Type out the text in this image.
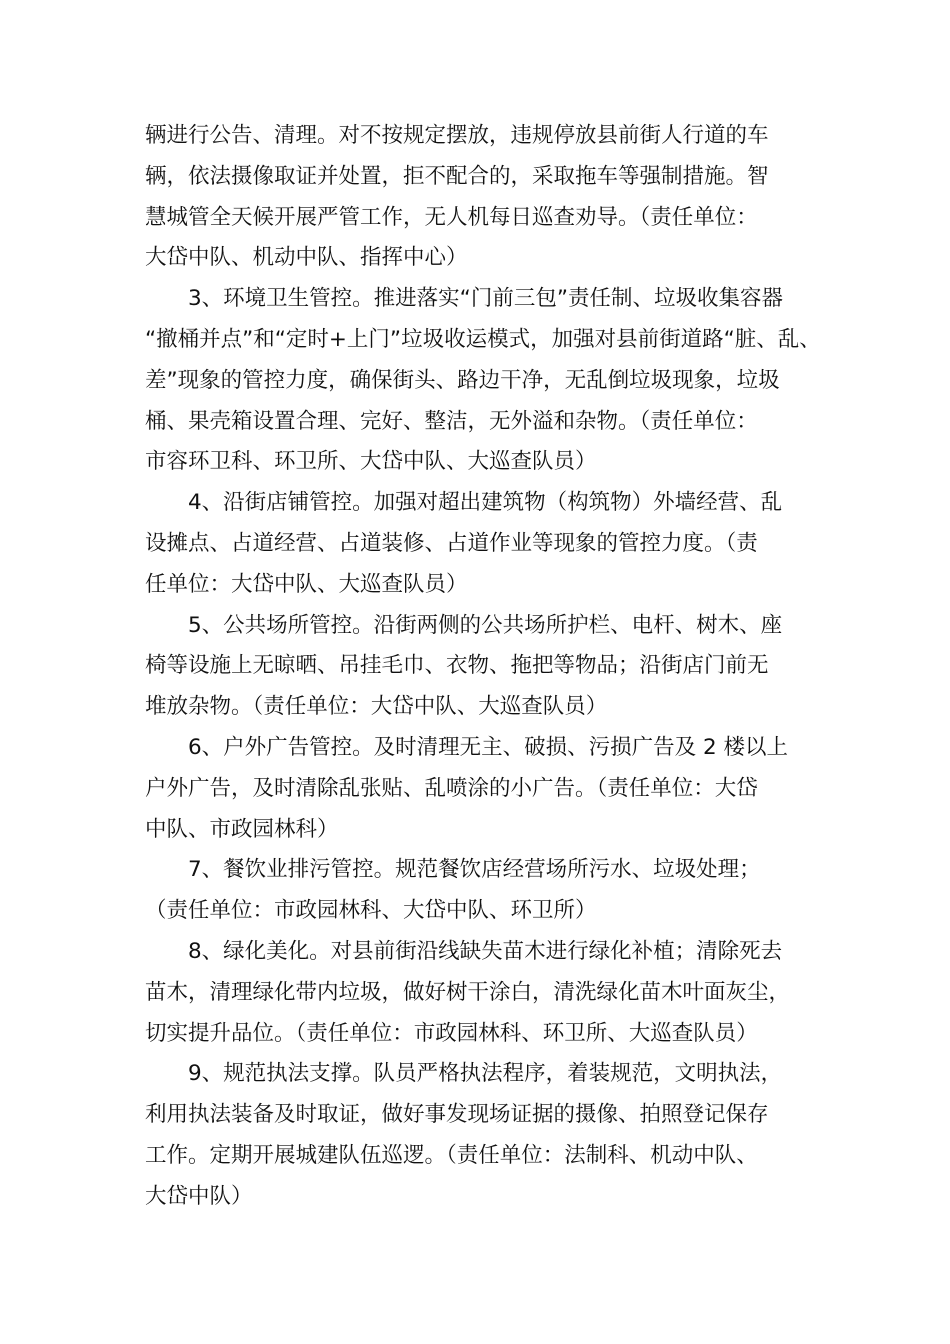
辆进行公告、清理。对不按规定摆放，违规停放县前街人行道的车
辆，依法摄像取证并处置，拒不配合的，采取拖车等强制措施。智
慧城管全天候开展严管工作，无人机每日巡查劝导。（责任单位：
大岱中队、机动中队、指挥中心）
　　3、环境卫生管控。推进落实“门前三包”责任制、垃圾收集容器
“撤桶并点”和“定时+上门”垃圾收运模式，加强对县前街道路“脏、乱、
差”现象的管控力度，确保街头、路边干净，无乱倒垃圾现象，垃圾
桶、果壳箱设置合理、完好、整洁，无外溢和杂物。（责任单位：
市容环卫科、环卫所、大岱中队、大巡查队员）
　　4、沿街店铺管控。加强对超出建筑物（构筑物）外墙经营、乱
设摊点、占道经营、占道装修、占道作业等现象的管控力度。（责
任单位：大岱中队、大巡查队员）
　　5、公共场所管控。沿街两侧的公共场所护栏、电杆、树木、座
椅等设施上无晾晒、吊挂毛巾、衣物、拖把等物品；沿街店门前无
堆放杂物。（责任单位：大岱中队、大巡查队员）
　　6、户外广告管控。及时清理无主、破损、污损广告及 2 楼以上
户外广告，及时清除乱张贴、乱喷涂的小广告。（责任单位：大岱
中队、市政园林科）
　　7、餐饮业排污管控。规范餐饮店经营场所污水、垃圾处理；
（责任单位：市政园林科、大岱中队、环卫所）
　　8、绿化美化。对县前街沿线缺失苗木进行绿化补植；清除死去
苗木，清理绿化带内垃圾，做好树干涂白，清洗绿化苗木叶面灰尘，
切实提升品位。（责任单位：市政园林科、环卫所、大巡查队员）
　　9、规范执法支撑。队员严格执法程序，着装规范，文明执法，
利用执法装备及时取证，做好事发现场证据的摄像、拍照登记保存
工作。定期开展城建队伍巡逻。（责任单位：法制科、机动中队、
大岱中队）
